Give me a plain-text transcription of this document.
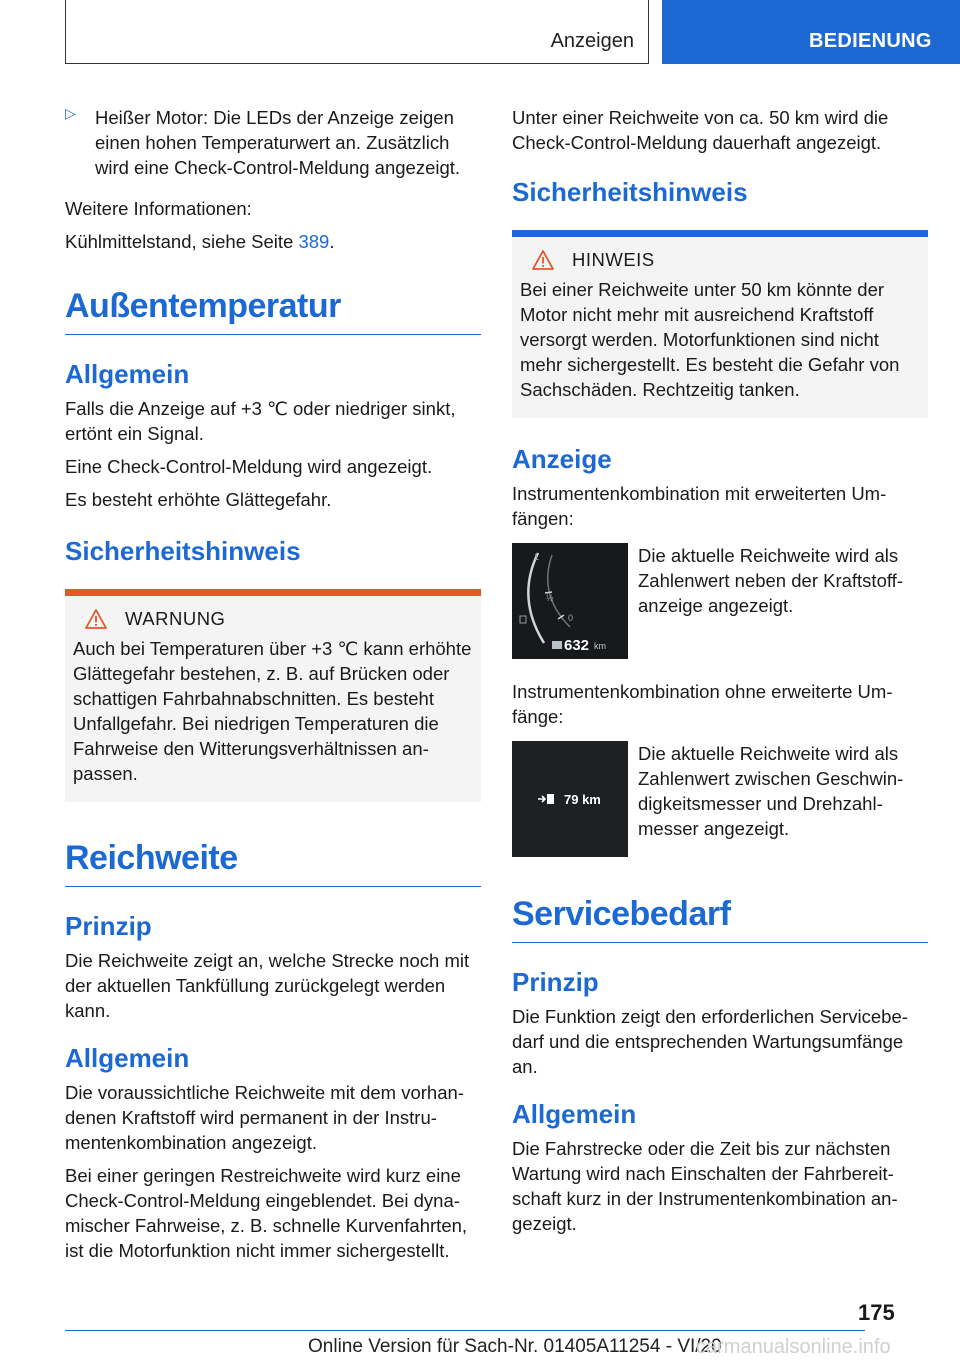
Anzeigen	BEDIENUNG
▷ Heißer Motor: Die LEDs der Anzeige zeigen einen hohen Temperaturwert an. Zusätzlich wird eine Check-Control-Meldung angezeigt.

Weitere Informationen:

Kühlmittelstand, siehe Seite 389.

Außentemperatur
Allgemein

Falls die Anzeige auf +3 ℃ oder niedriger sinkt, ertönt ein Signal.

Eine Check-Control-Meldung wird angezeigt.

Es besteht erhöhte Glättegefahr.

Sicherheitshinweis
WARNUNG

Auch bei Temperaturen über +3 ℃ kann erhöhte Glättegefahr bestehen, z. B. auf Brücken oder schattigen Fahrbahnabschnitten. Es besteht Unfallgefahr. Bei niedrigen Temperaturen die Fahrweise den Witterungsverhältnissen anpassen.

Reichweite
Prinzip

Die Reichweite zeigt an, welche Strecke noch mit der aktuellen Tankfüllung zurückgelegt werden kann.

Allgemein

Die voraussichtliche Reichweite mit dem vorhandenen Kraftstoff wird permanent in der Instrumentenkombination angezeigt.

Bei einer geringen Restreichweite wird kurz eine Check-Control-Meldung eingeblendet. Bei dynamischer Fahrweise, z. B. schnelle Kurvenfahrten, ist die Motorfunktion nicht immer sichergestellt.

Unter einer Reichweite von ca. 50 km wird die Check-Control-Meldung dauerhaft angezeigt.

Sicherheitshinweis
HINWEIS

Bei einer Reichweite unter 50 km könnte der Motor nicht mehr mit ausreichend Kraftstoff versorgt werden. Motorfunktionen sind nicht mehr sichergestellt. Es besteht die Gefahr von Sachschäden. Rechtzeitig tanken.

Anzeige

Instrumentenkombination mit erweiterten Umfängen:

1
½
0
632 km

Die aktuelle Reichweite wird als Zahlenwert neben der Kraftstoffanzeige angezeigt.

Instrumentenkombination ohne erweiterte Umfänge:

79 km

Die aktuelle Reichweite wird als Zahlenwert zwischen Geschwindigkeitsmesser und Drehzahlmesser angezeigt.

Servicebedarf
Prinzip

Die Funktion zeigt den erforderlichen Servicebedarf und die entsprechenden Wartungsumfänge an.

Allgemein

Die Fahrstrecke oder die Zeit bis zur nächsten Wartung wird nach Einschalten der Fahrbereitschaft kurz in der Instrumentenkombination angezeigt.

175
Online Version für Sach-Nr. 01405A11254 - VI/20
carmanualsonline.info
